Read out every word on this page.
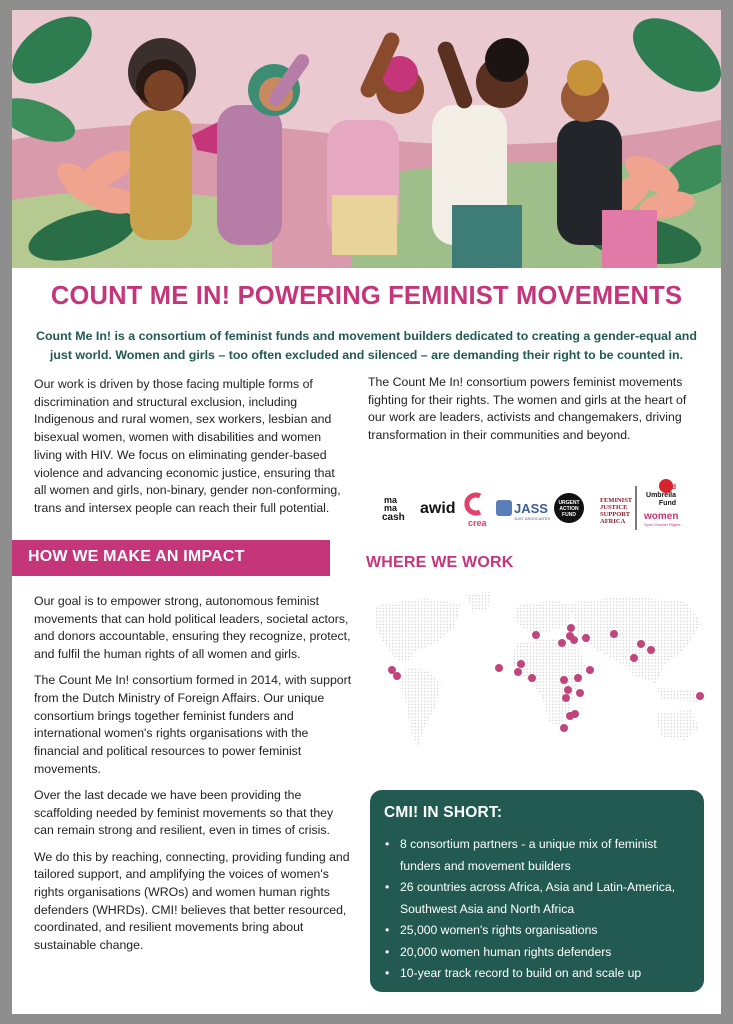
COUNT ME IN! POWERING FEMINIST MOVEMENTS

Count Me In! is a consortium of feminist funds and movement builders dedicated to creating a gender-equal and just world. Women and girls – too often excluded and silenced – are demanding their right to be counted in.

Our work is driven by those facing multiple forms of discrimination and structural exclusion, including Indigenous and rural women, sex workers, lesbian and bisexual women, women with disabilities and women living with HIV. We focus on eliminating gender-based violence and advancing economic justice, ensuring that all women and girls, non-binary, gender non-conforming, trans and intersex people can reach their full potential.

The Count Me In! consortium powers feminist movements fighting for their rights. The women and girls at the heart of our work are leaders, activists and changemakers, driving transformation in their communities and beyond.

ma
ma
cash
awid
crea
JASS
JUST ASSOCIATES
URGENT
ACTION
FUND
FEMINIST
JUSTICE
SUPPORT
AFRICA
Red
Umbrella
Fund
women
Sport Gender Rights
HOW WE MAKE AN IMPACT	WHERE WE WORK

Our goal is to empower strong, autonomous feminist movements that can hold political leaders, societal actors, and donors accountable, ensuring they recognize, protect, and fulfil the human rights of all women and girls.

The Count Me In! consortium formed in 2014, with support from the Dutch Ministry of Foreign Affairs. Our unique consortium brings together feminist funders and international women's rights organisations with the financial and political resources to power feminist movements.

Over the last decade we have been providing the scaffolding needed by feminist movements so that they can remain strong and resilient, even in times of crisis.

We do this by reaching, connecting, providing funding and tailored support, and amplifying the voices of women's rights organisations (WROs) and women human rights defenders (WHRDs). CMI! believes that better resourced, coordinated, and resilient movements bring about sustainable change.

CMI! IN SHORT:
• 8 consortium partners - a unique mix of feminist funders and movement builders
• 26 countries across Africa, Asia and Latin-America, Southwest Asia and North Africa
• 25,000 women's rights organisations
• 20,000 women human rights defenders
• 10-year track record to build on and scale up
